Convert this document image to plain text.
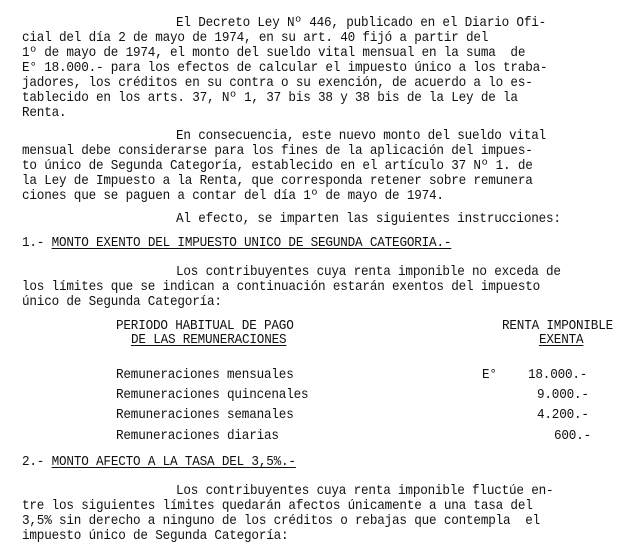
El Decreto Ley Nº 446, publicado en el Diario Ofi-
cial del día 2 de mayo de 1974, en su art. 40 fijó a partir del
1º de mayo de 1974, el monto del sueldo vital mensual en la suma  de
E° 18.000.- para los efectos de calcular el impuesto único a los traba-
jadores, los créditos en su contra o su exención, de acuerdo a lo es-
tablecido en los arts. 37, Nº 1, 37 bis 38 y 38 bis de la Ley de la
Renta.
En consecuencia, este nuevo monto del sueldo vital
mensual debe considerarse para los fines de la aplicación del impues-
to único de Segunda Categoría, establecido en el artículo 37 Nº 1. de
la Ley de Impuesto a la Renta, que corresponda retener sobre remunera
ciones que se paguen a contar del día 1º de mayo de 1974.
Al efecto, se imparten las siguientes instrucciones:
1.- MONTO EXENTO DEL IMPUESTO UNICO DE SEGUNDA CATEGORIA.-
Los contribuyentes cuya renta imponible no exceda de
los límites que se indican a continuación estarán exentos del impuesto
único de Segunda Categoría:
PERIODO HABITUAL DE PAGO
DE LAS REMUNERACIONES
RENTA IMPONIBLE
EXENTA
Remuneraciones mensuales	E° 18.000.-
Remuneraciones quincenales	9.000.-
Remuneraciones semanales	4.200.-
Remuneraciones diarias	600.-
2.- MONTO AFECTO A LA TASA DEL 3,5%.-
Los contribuyentes cuya renta imponible fluctúe en-
tre los siguientes límites quedarán afectos únicamente a una tasa del
3,5% sin derecho a ninguno de los créditos o rebajas que contempla  el
impuesto único de Segunda Categoría:
